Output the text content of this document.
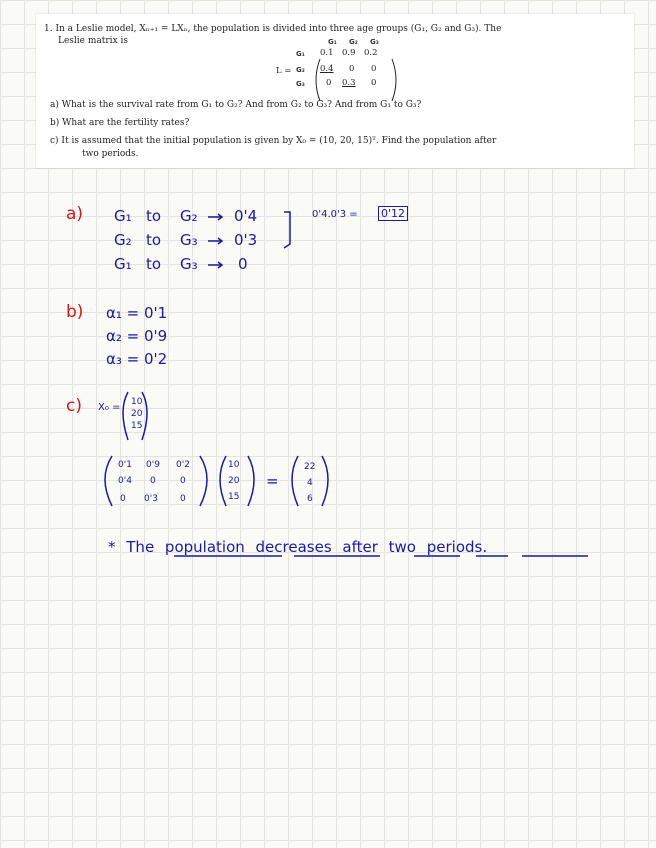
1. In a Leslie model, Xₙ₊₁ = LXₙ, the population is divided into three age groups (G₁, G₂ and G₃). The
Leslie matrix is
L =
G₁ G₂ G₃
G₁
G₂
G₃
0.1 0.9 0.2
0.4 0 0
0 0.3 0
a) What is the survival rate from G₁ to G₂? And from G₂ to G₃? And from G₁ to G₃?
b) What are the fertility rates?
c) It is assumed that the initial population is given by X₀ = (10, 20, 15)ᵀ. Find the population after
two periods.
a) G₁ to G₂ 0'4
G₂ to G₃ 0'3
G₁ to G₃	0
0'4.0'3 = 0'12
b) α₁ = 0'1
α₂ = 0'9
α₃ = 0'2
c) X₀ = 10
20
15
0'1 0'9 0'2
0'4 0	0
0 0'3 0
10
20
15
=
22
4
6
* The population decreases after two periods.
